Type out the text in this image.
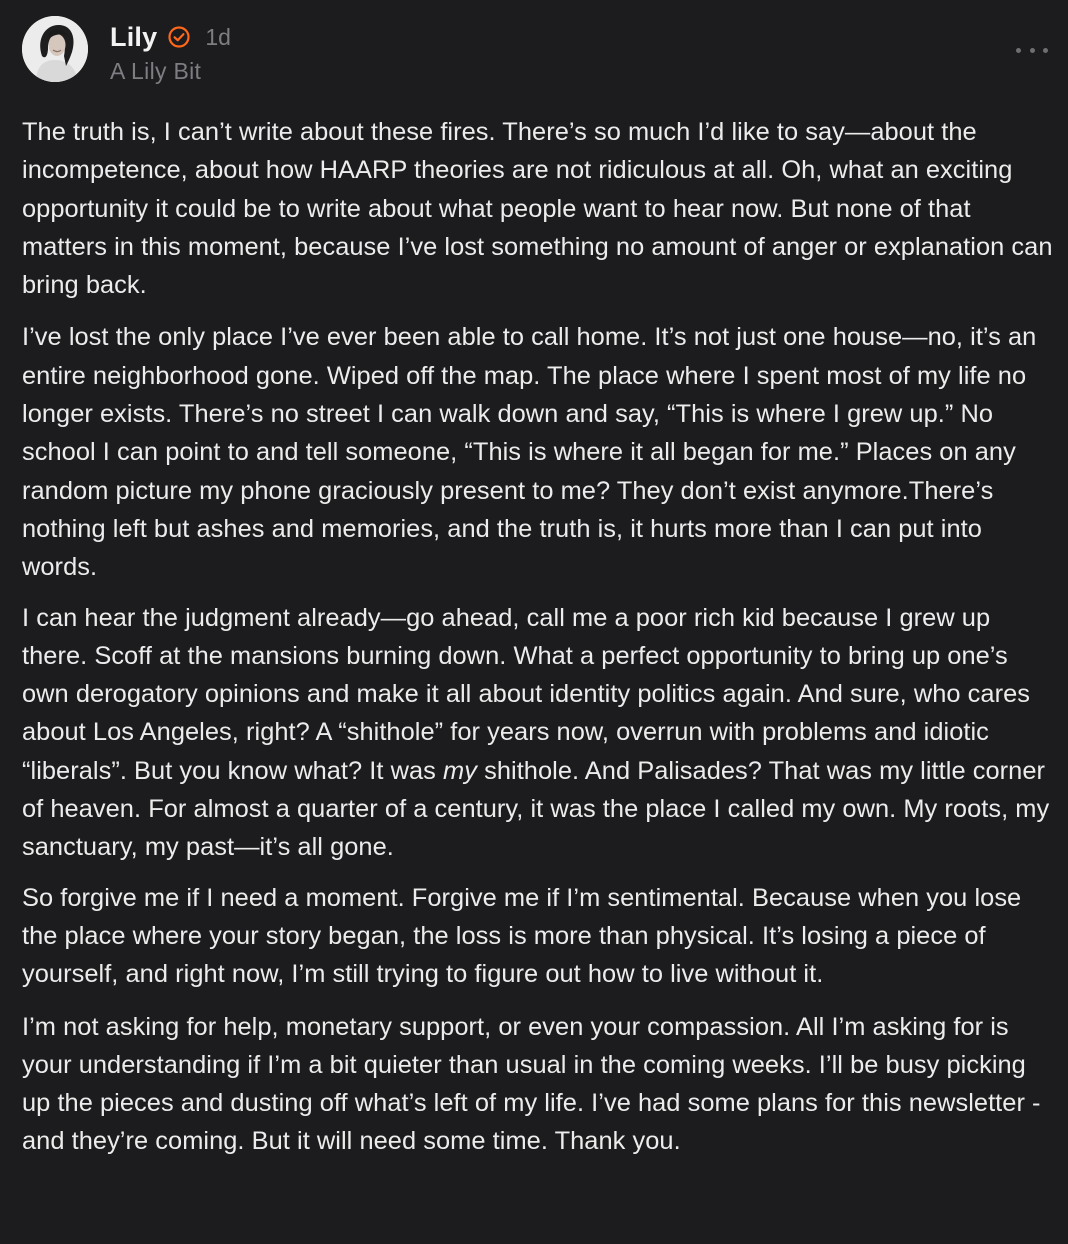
Lily 1d
A Lily Bit

The truth is, I can’t write about these fires. There’s so much I’d like to say—about the incompetence, about how HAARP theories are not ridiculous at all. Oh, what an exciting opportunity it could be to write about what people want to hear now. But none of that matters in this moment, because I’ve lost something no amount of anger or explanation can bring back.

I’ve lost the only place I’ve ever been able to call home. It’s not just one house—no, it’s an entire neighborhood gone. Wiped off the map. The place where I spent most of my life no longer exists. There’s no street I can walk down and say, “This is where I grew up.” No school I can point to and tell someone, “This is where it all began for me.” Places on any random picture my phone graciously present to me? They don’t exist anymore.There’s nothing left but ashes and memories, and the truth is, it hurts more than I can put into words.

I can hear the judgment already—go ahead, call me a poor rich kid because I grew up there. Scoff at the mansions burning down. What a perfect opportunity to bring up one’s own derogatory opinions and make it all about identity politics again. And sure, who cares about Los Angeles, right? A “shithole” for years now, overrun with problems and idiotic “liberals”. But you know what? It was my shithole. And Palisades? That was my little corner of heaven. For almost a quarter of a century, it was the place I called my own. My roots, my sanctuary, my past—it’s all gone.

So forgive me if I need a moment. Forgive me if I’m sentimental. Because when you lose the place where your story began, the loss is more than physical. It’s losing a piece of yourself, and right now, I’m still trying to figure out how to live without it.

I’m not asking for help, monetary support, or even your compassion. All I’m asking for is your understanding if I’m a bit quieter than usual in the coming weeks. I’ll be busy picking up the pieces and dusting off what’s left of my life. I’ve had some plans for this newsletter - and they’re coming. But it will need some time. Thank you.
